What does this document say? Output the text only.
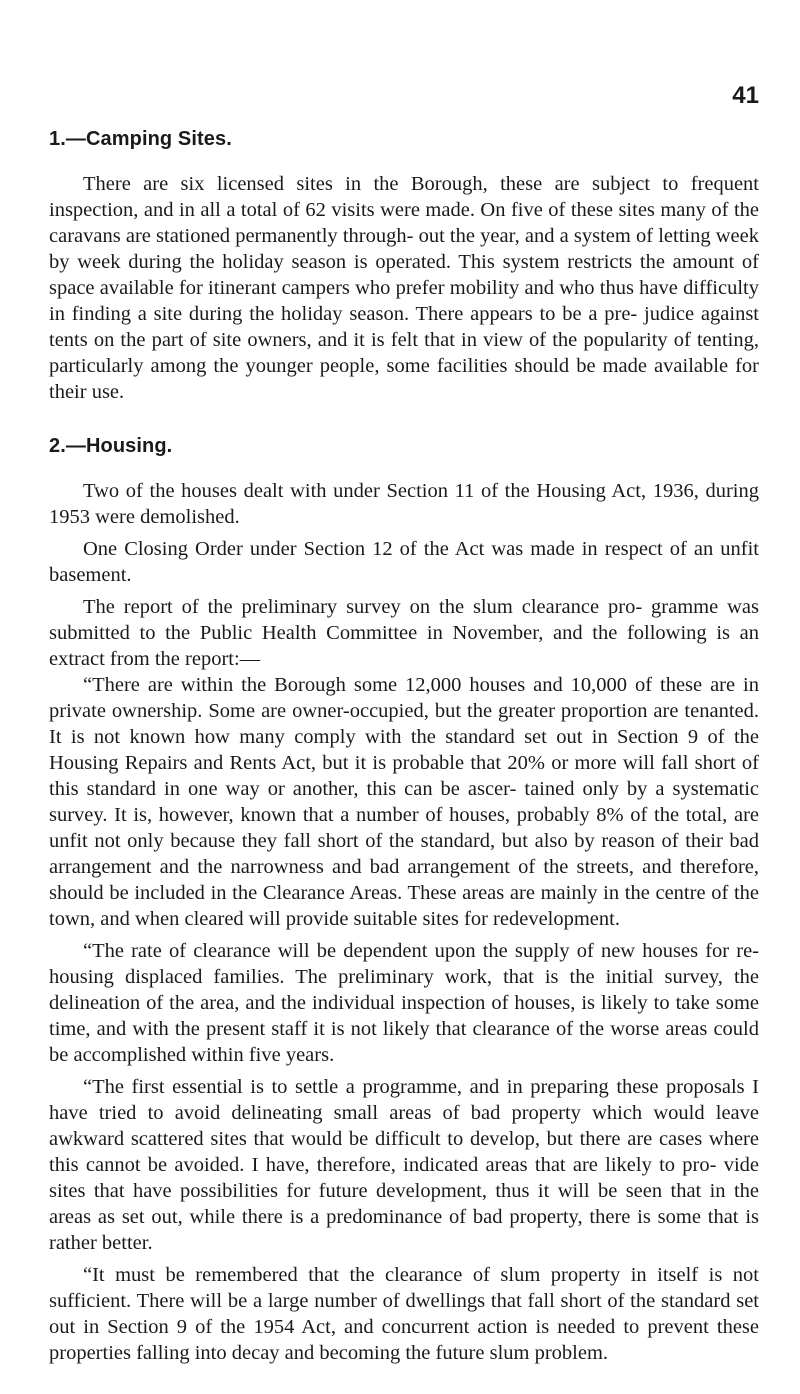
41
1.—Camping Sites.

There are six licensed sites in the Borough, these are subject to frequent inspection, and in all a total of 62 visits were made. On five of these sites many of the caravans are stationed permanently through- out the year, and a system of letting week by week during the holiday season is operated. This system restricts the amount of space available for itinerant campers who prefer mobility and who thus have difficulty in finding a site during the holiday season. There appears to be a pre- judice against tents on the part of site owners, and it is felt that in view of the popularity of tenting, particularly among the younger people, some facilities should be made available for their use.

2.—Housing.

Two of the houses dealt with under Section 11 of the Housing Act, 1936, during 1953 were demolished.

One Closing Order under Section 12 of the Act was made in respect of an unfit basement.

The report of the preliminary survey on the slum clearance pro- gramme was submitted to the Public Health Committee in November, and the following is an extract from the report:—

“There are within the Borough some 12,000 houses and 10,000 of these are in private ownership. Some are owner-occupied, but the greater proportion are tenanted. It is not known how many comply with the standard set out in Section 9 of the Housing Repairs and Rents Act, but it is probable that 20% or more will fall short of this standard in one way or another, this can be ascer- tained only by a systematic survey. It is, however, known that a number of houses, probably 8% of the total, are unfit not only because they fall short of the standard, but also by reason of their bad arrangement and the narrowness and bad arrangement of the streets, and therefore, should be included in the Clearance Areas. These areas are mainly in the centre of the town, and when cleared will provide suitable sites for redevelopment.

“The rate of clearance will be dependent upon the supply of new houses for re-housing displaced families. The preliminary work, that is the initial survey, the delineation of the area, and the individual inspection of houses, is likely to take some time, and with the present staff it is not likely that clearance of the worse areas could be accomplished within five years.

“The first essential is to settle a programme, and in preparing these proposals I have tried to avoid delineating small areas of bad property which would leave awkward scattered sites that would be difficult to develop, but there are cases where this cannot be avoided. I have, therefore, indicated areas that are likely to pro- vide sites that have possibilities for future development, thus it will be seen that in the areas as set out, while there is a predominance of bad property, there is some that is rather better.

“It must be remembered that the clearance of slum property in itself is not sufficient. There will be a large number of dwellings that fall short of the standard set out in Section 9 of the 1954 Act, and concurrent action is needed to prevent these properties falling into decay and becoming the future slum problem.
